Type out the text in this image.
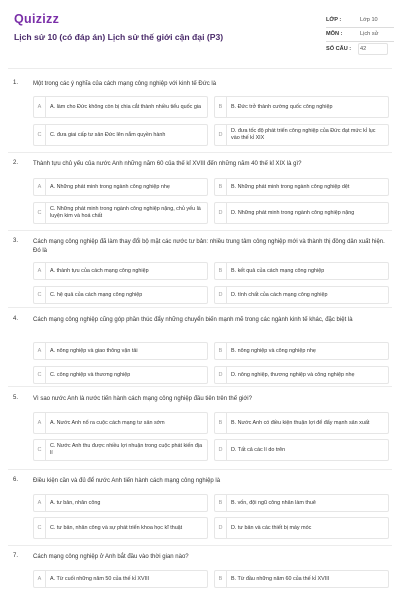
Quizizz
Lịch sử 10 (có đáp án) Lịch sử thế giới cận đại (P3)
LỚP :	Lớp 10
MÔN :	Lịch sử
SỐ CÂU : 42
1. Một trong các ý nghĩa của cách mạng công nghiệp với kinh tế Đức là
A	A. làm cho Đức không còn bị chia cắt thành nhiều tiểu quốc gia	B	B. Đức trở thành cường quốc công nghiệp
C	C. đưa giai cấp tư sản Đức lên nắm quyền hành	D
D. đưa tốc độ phát triển công nghiệp của Đức đạt mức kỉ lục vào thế kỉ XIX
2. Thành tựu chủ yếu của nước Anh những năm 60 của thế kỉ XVIII đến những năm 40 thế kỉ XIX là gì?
A	A. Những phát minh trong ngành công nghiệp nhẹ	B	B. Những phát minh trong ngành công nghiệp dệt
C
C. Những phát minh trong ngành công nghiệp nặng, chủ yếu là luyện kim và hoá chất	D	D. Những phát minh trong ngành công nghiệp nặng
3. Cách mạng công nghiệp đã làm thay đổi bộ mặt các nước tư bản: nhiều trung tâm công nghiệp mới và thành thị đông dân xuất hiện. Đó là
A	A. thành tựu của cách mạng công nghiệp	B	B. kết quả của cách mạng công nghiệp
C	C. hệ quả của cách mạng công nghiệp	D	D. tính chất của cách mạng công nghiệp
4. Cách mạng công nghiệp cũng góp phần thúc đẩy những chuyển biến mạnh mẽ trong các ngành kinh tế khác, đặc biệt là
A	A. nông nghiệp và giao thông vận tải	B	B. nông nghiệp và công nghiệp nhẹ
C	C. công nghiệp và thương nghiệp	D	D. nông nghiệp, thương nghiệp và công nghiệp nhẹ
5. Vì sao nước Anh là nước tiến hành cách mạng công nghiệp đầu tiên trên thế giới?
A	A. Nước Anh nổ ra cuộc cách mạng tư sản sớm	B	B. Nước Anh có điều kiện thuận lợi để đẩy mạnh sản xuất
C
C. Nước Anh thu được nhiều lợi nhuận trong cuộc phát kiến địa lí	D	D. Tất cả các lí do trên
6. Điều kiện cần và đủ để nước Anh tiến hành cách mạng công nghiệp là
A	A. tư bản, nhân công	B	B. vốn, đội ngũ công nhân làm thuê
C	C. tư bản, nhân công và sự phát triển khoa học kĩ thuật	D	D. tư bản và các thiết bị máy móc
7. Cách mạng công nghiệp ở Anh bắt đầu vào thời gian nào?
A	A. Từ cuối những năm 50 của thế kỉ XVIII	B	B. Từ đầu những năm 60 của thế kỉ XVIII
